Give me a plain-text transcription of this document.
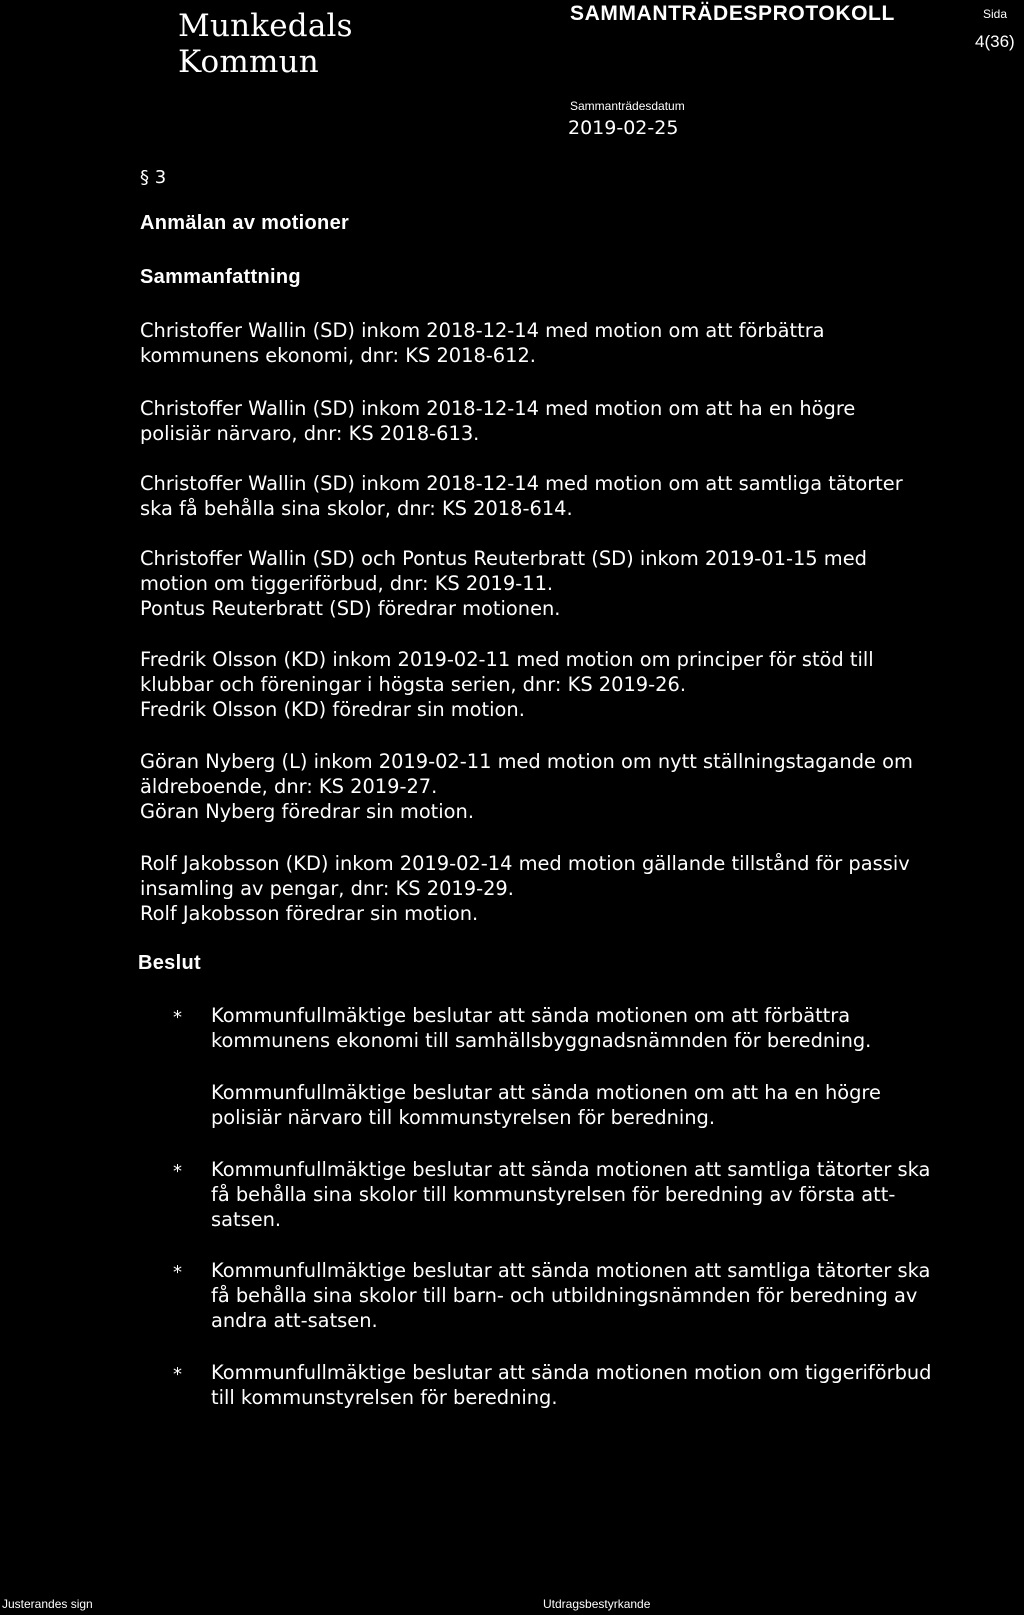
Munkedals
Kommun
SAMMANTRÄDESPROTOKOLL	Sida
4(36)
Sammanträdesdatum
2019-02-25
§ 3
Anmälan av motioner
Sammanfattning
Christoffer Wallin (SD) inkom 2018-12-14 med motion om att förbättra
kommunens ekonomi, dnr: KS 2018-612.
Christoffer Wallin (SD) inkom 2018-12-14 med motion om att ha en högre
polisiär närvaro, dnr: KS 2018-613.
Christoffer Wallin (SD) inkom 2018-12-14 med motion om att samtliga tätorter
ska få behålla sina skolor, dnr: KS 2018-614.
Christoffer Wallin (SD) och Pontus Reuterbratt (SD) inkom 2019-01-15 med
motion om tiggeriförbud, dnr: KS 2019-11.
Pontus Reuterbratt (SD) föredrar motionen.
Fredrik Olsson (KD) inkom 2019-02-11 med motion om principer för stöd till
klubbar och föreningar i högsta serien, dnr: KS 2019-26.
Fredrik Olsson (KD) föredrar sin motion.
Göran Nyberg (L) inkom 2019-02-11 med motion om nytt ställningstagande om
äldreboende, dnr: KS 2019-27.
Göran Nyberg föredrar sin motion.
Rolf Jakobsson (KD) inkom 2019-02-14 med motion gällande tillstånd för passiv
insamling av pengar, dnr: KS 2019-29.
Rolf Jakobsson föredrar sin motion.
Beslut
* Kommunfullmäktige beslutar att sända motionen om att förbättra
kommunens ekonomi till samhällsbyggnadsnämnden för beredning.
Kommunfullmäktige beslutar att sända motionen om att ha en högre
polisiär närvaro till kommunstyrelsen för beredning.
* Kommunfullmäktige beslutar att sända motionen att samtliga tätorter ska
få behålla sina skolor till kommunstyrelsen för beredning av första att-
satsen.
* Kommunfullmäktige beslutar att sända motionen att samtliga tätorter ska
få behålla sina skolor till barn- och utbildningsnämnden för beredning av
andra att-satsen.
* Kommunfullmäktige beslutar att sända motionen motion om tiggeriförbud
till kommunstyrelsen för beredning.
Justerandes sign	Utdragsbestyrkande
